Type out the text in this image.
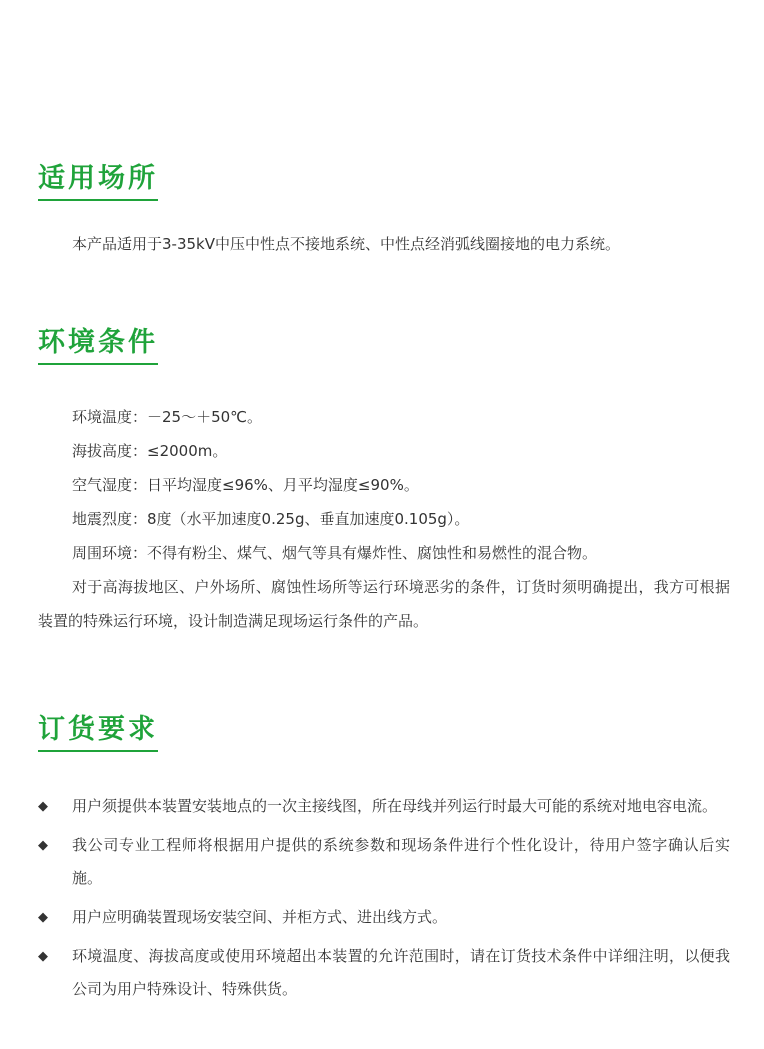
适用场所

本产品适用于3-35kV中压中性点不接地系统、中性点经消弧线圈接地的电力系统。

环境条件

环境温度：－25～＋50℃。

海拔高度：≤2000m。

空气湿度：日平均湿度≤96%、月平均湿度≤90%。

地震烈度：8度（水平加速度0.25g、垂直加速度0.105g）。

周围环境：不得有粉尘、煤气、烟气等具有爆炸性、腐蚀性和易燃性的混合物。

对于高海拔地区、户外场所、腐蚀性场所等运行环境恶劣的条件，订货时须明确提出，我方可根据装置的特殊运行环境，设计制造满足现场运行条件的产品。

订货要求
◆ 用户须提供本装置安装地点的一次主接线图，所在母线并列运行时最大可能的系统对地电容电流。
◆ 我公司专业工程师将根据用户提供的系统参数和现场条件进行个性化设计，待用户签字确认后实施。
◆ 用户应明确装置现场安装空间、并柜方式、进出线方式。
◆ 环境温度、海拔高度或使用环境超出本装置的允许范围时，请在订货技术条件中详细注明，以便我公司为用户特殊设计、特殊供货。
